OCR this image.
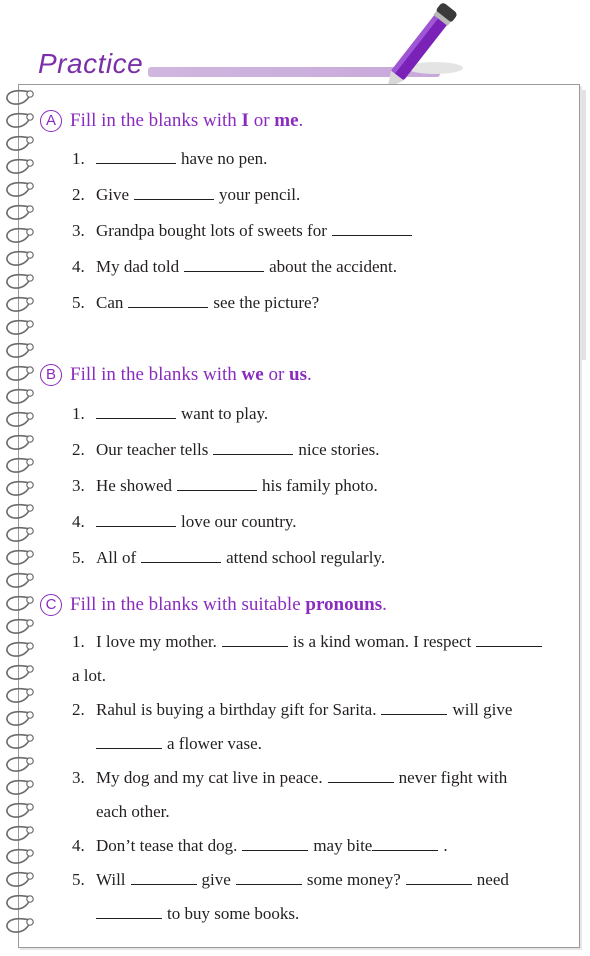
Practice
A Fill in the blanks with I or me.
1.	have no pen.
2. Give	your pencil.
3. Grandpa bought lots of sweets for
4. My dad told	about the accident.
5. Can	see the picture?
B Fill in the blanks with we or us.
1.	want to play.
2. Our teacher tells	nice stories.
3. He showed	his family photo.
4.	love our country.
5. All of	attend school regularly.
C Fill in the blanks with suitable pronouns.
1. I love my mother.	is a kind woman. I respect
a lot.
2. Rahul is buying a birthday gift for Sarita.	will give
a flower vase.
3. My dog and my cat live in peace.	never fight with
each other.
4. Don’t tease that dog.	may bite	.
5. Will	give	some money?	need
to buy some books.
